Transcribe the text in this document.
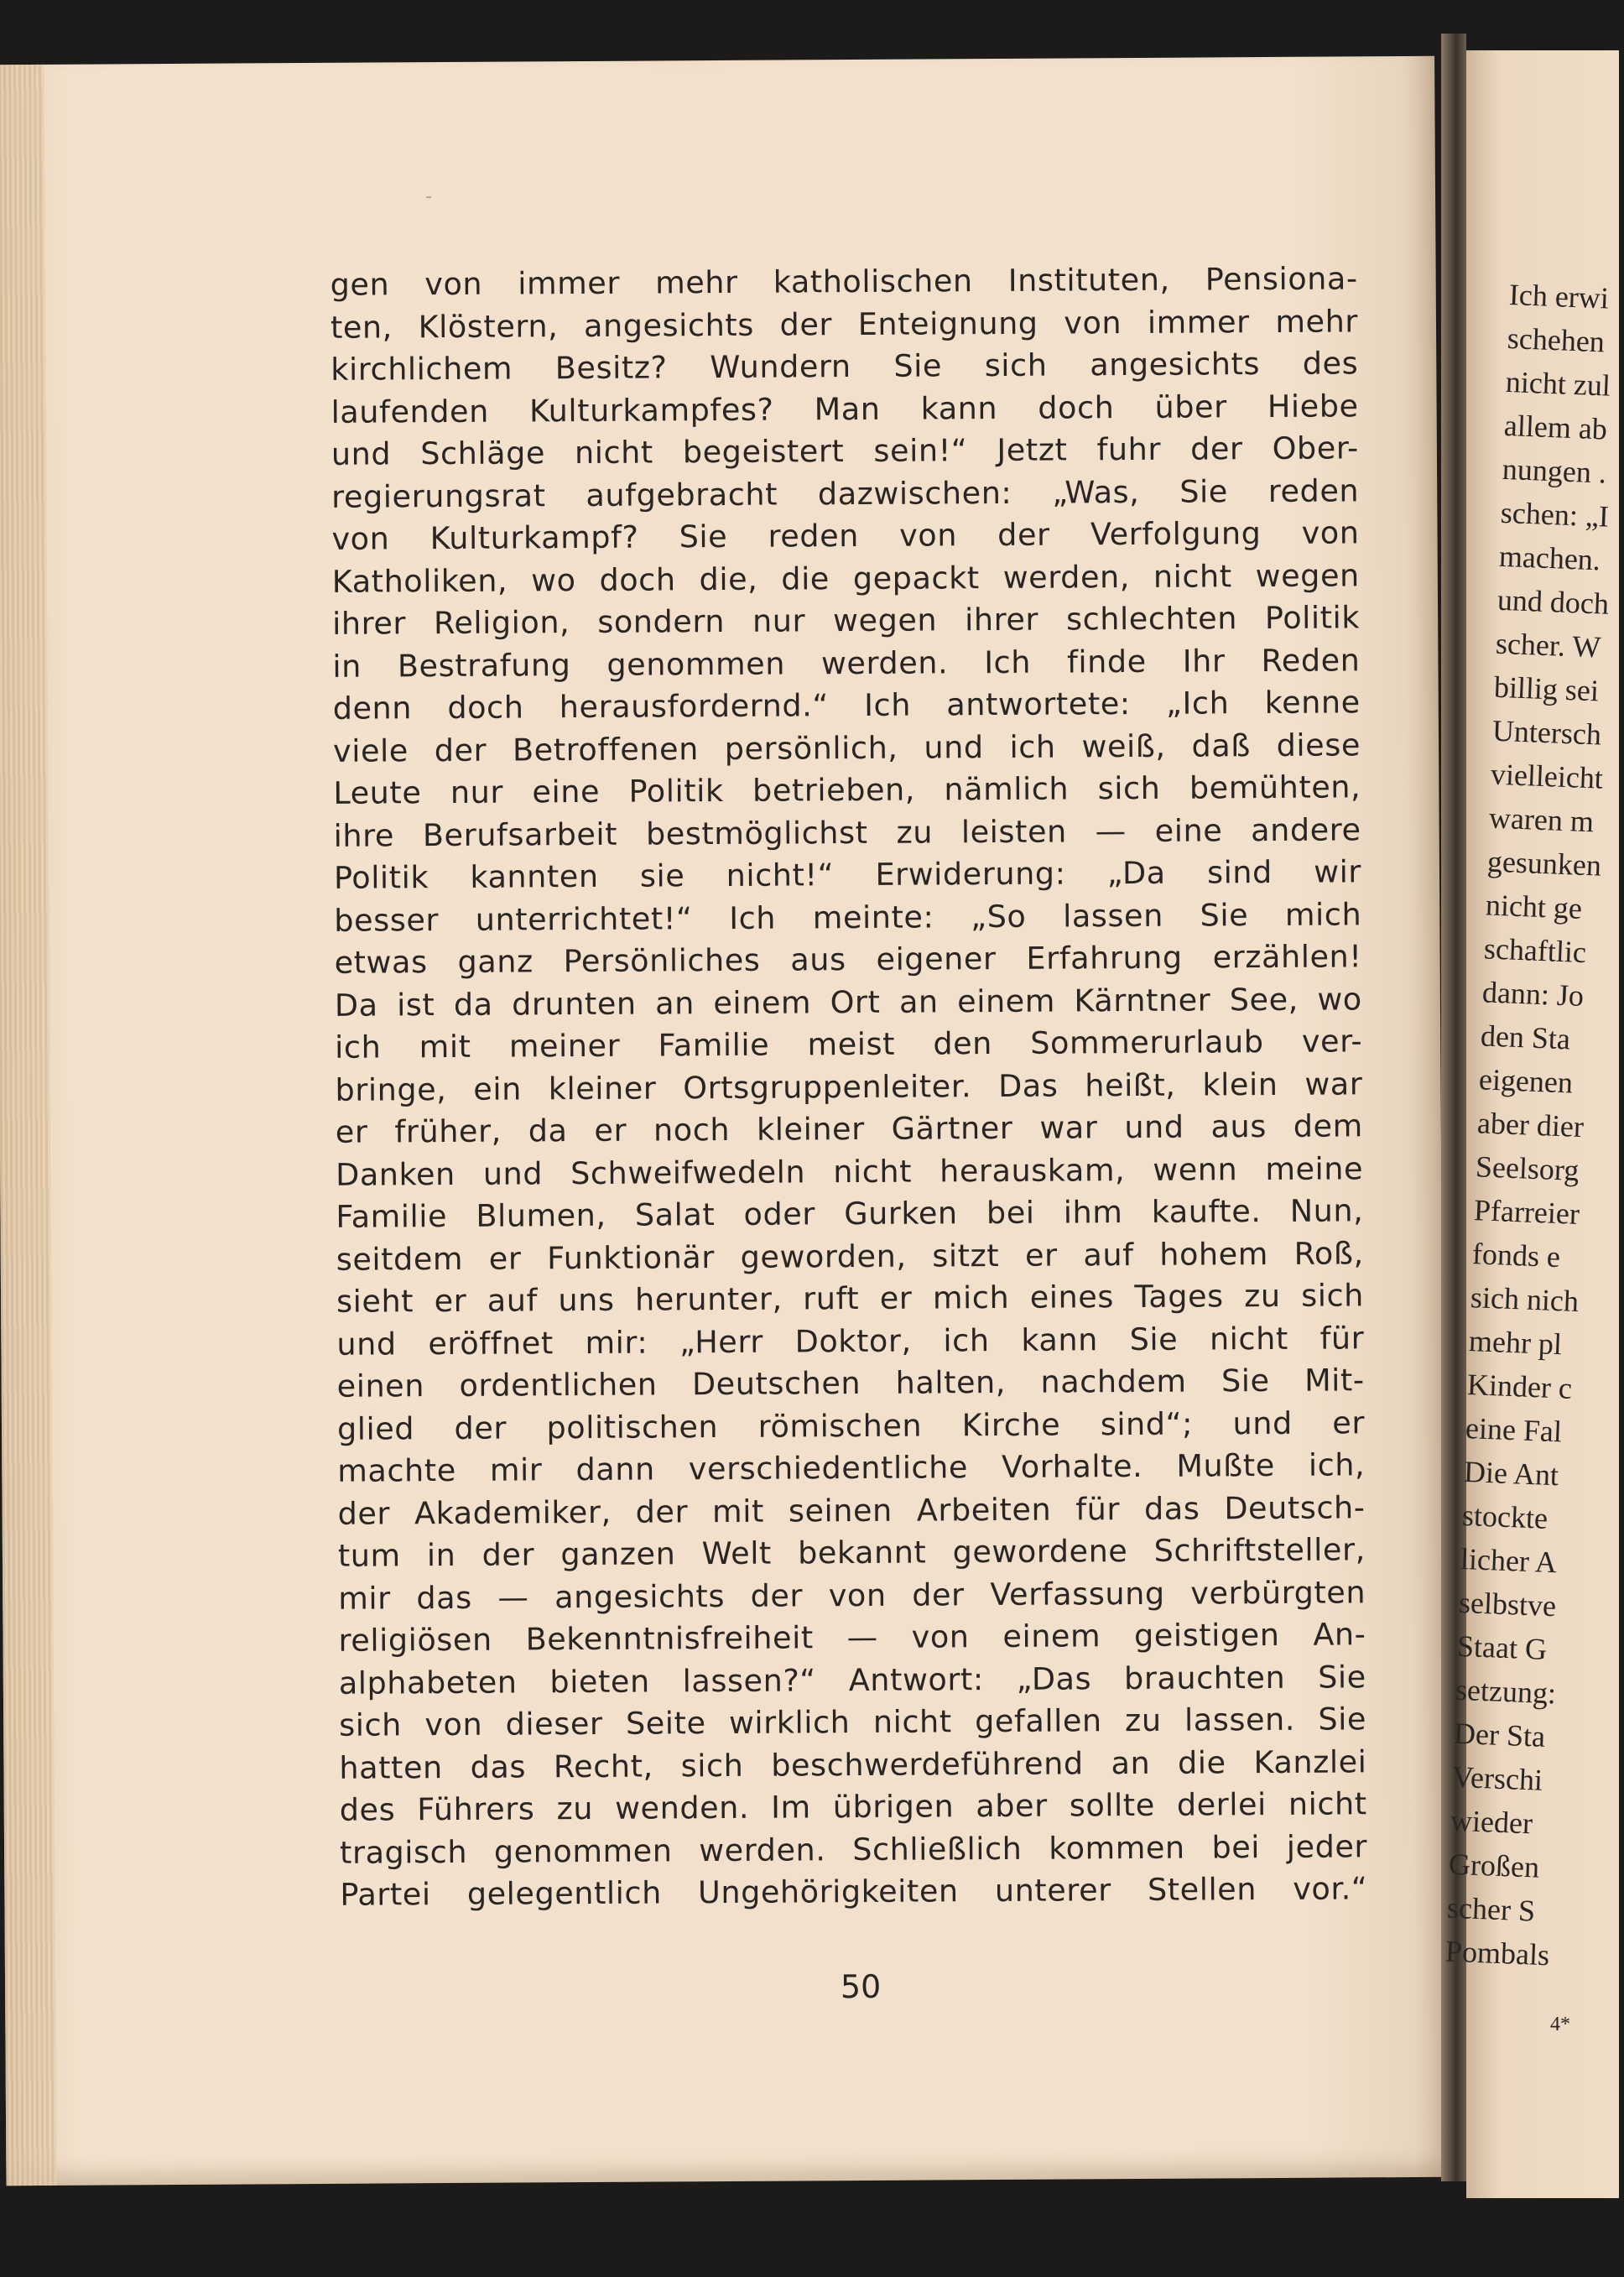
gen von immer mehr katholischen Instituten, Pensiona-
ten, Klöstern, angesichts der Enteignung von immer mehr
kirchlichem Besitz? Wundern Sie sich angesichts des
laufenden Kulturkampfes? Man kann doch über Hiebe
und Schläge nicht begeistert sein!“ Jetzt fuhr der Ober-
regierungsrat aufgebracht dazwischen: „Was, Sie reden
von Kulturkampf? Sie reden von der Verfolgung von
Katholiken, wo doch die, die gepackt werden, nicht wegen
ihrer Religion, sondern nur wegen ihrer schlechten Politik
in Bestrafung genommen werden. Ich finde Ihr Reden
denn doch herausfordernd.“ Ich antwortete: „Ich kenne
viele der Betroffenen persönlich, und ich weiß, daß diese
Leute nur eine Politik betrieben, nämlich sich bemühten,
ihre Berufsarbeit bestmöglichst zu leisten — eine andere
Politik kannten sie nicht!“ Erwiderung: „Da sind wir
besser unterrichtet!“ Ich meinte: „So lassen Sie mich
etwas ganz Persönliches aus eigener Erfahrung erzählen!
Da ist da drunten an einem Ort an einem Kärntner See, wo
ich mit meiner Familie meist den Sommerurlaub ver-
bringe, ein kleiner Ortsgruppenleiter. Das heißt, klein war
er früher, da er noch kleiner Gärtner war und aus dem
Danken und Schweifwedeln nicht herauskam, wenn meine
Familie Blumen, Salat oder Gurken bei ihm kaufte. Nun,
seitdem er Funktionär geworden, sitzt er auf hohem Roß,
sieht er auf uns herunter, ruft er mich eines Tages zu sich
und eröffnet mir: „Herr Doktor, ich kann Sie nicht für
einen ordentlichen Deutschen halten, nachdem Sie Mit-
glied der politischen römischen Kirche sind“; und er
machte mir dann verschiedentliche Vorhalte. Mußte ich,
der Akademiker, der mit seinen Arbeiten für das Deutsch-
tum in der ganzen Welt bekannt gewordene Schriftsteller,
mir das — angesichts der von der Verfassung verbürgten
religiösen Bekenntnisfreiheit — von einem geistigen An-
alphabeten bieten lassen?“ Antwort: „Das brauchten Sie
sich von dieser Seite wirklich nicht gefallen zu lassen. Sie
hatten das Recht, sich beschwerdeführend an die Kanzlei
des Führers zu wenden. Im übrigen aber sollte derlei nicht
tragisch genommen werden. Schließlich kommen bei jeder
Partei gelegentlich Ungehörigkeiten unterer Stellen vor.“
50
Ich erwi
schehen
nicht zul
allem ab
nungen .
schen: „I
machen.
und doch
scher. W
billig sei
Untersch
vielleicht
waren m
gesunken
nicht ge
schaftlic
dann: Jo
den Sta
eigenen
aber dier
Seelsorg
Pfarreier
fonds e
sich nich
mehr pl
Kinder c
eine Fal
Die Ant
stockte
licher A
selbstve
Staat G
setzung:
Der Sta
Verschi
wieder
Großen
scher S
Pombals
4*
